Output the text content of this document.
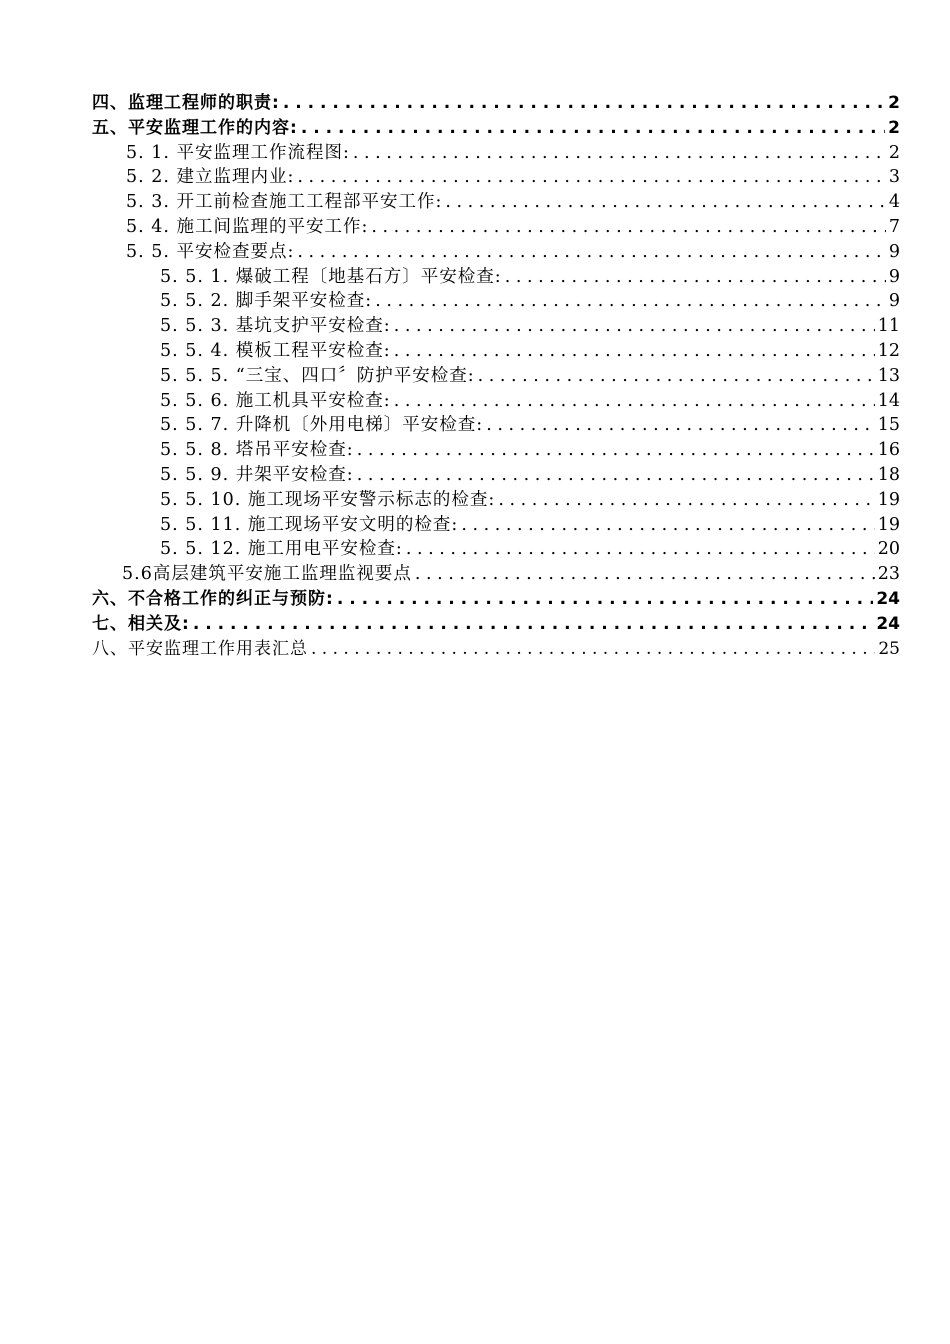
四、监理工程师的职责: . . .	2
五、平安监理工作的内容: . . .	2
5. 1. 平安监理工作流程图: . . .	2
5. 2. 建立监理内业: . . .	3
5. 3. 开工前检查施工工程部平安工作: . . .	4
5. 4. 施工间监理的平安工作: . . .	7
5. 5. 平安检查要点: . . .	9
5. 5. 1. 爆破工程〔地基石方〕平安检查: . . .	9
5. 5. 2. 脚手架平安检查: . . .	9
5. 5. 3. 基坑支护平安检查: . . .	11
5. 5. 4. 模板工程平安检查: . . .	12
5. 5. 5. “三宝、四口〞防护平安检查: . . .	13
5. 5. 6. 施工机具平安检查: . . .	14
5. 5. 7. 升降机〔外用电梯〕平安检查: . . .	15
5. 5. 8. 塔吊平安检查: . . .	16
5. 5. 9. 井架平安检查: . . .	18
5. 5. 10. 施工现场平安警示标志的检查: . . .	19
5. 5. 11. 施工现场平安文明的检查: . . .	19
5. 5. 12. 施工用电平安检查: . . .	20
5.6高层建筑平安施工监理监视要点 . . .	23
六、不合格工作的纠正与预防: . . .	24
七、相关及: . . .	24
八、平安监理工作用表汇总 . . .	25
